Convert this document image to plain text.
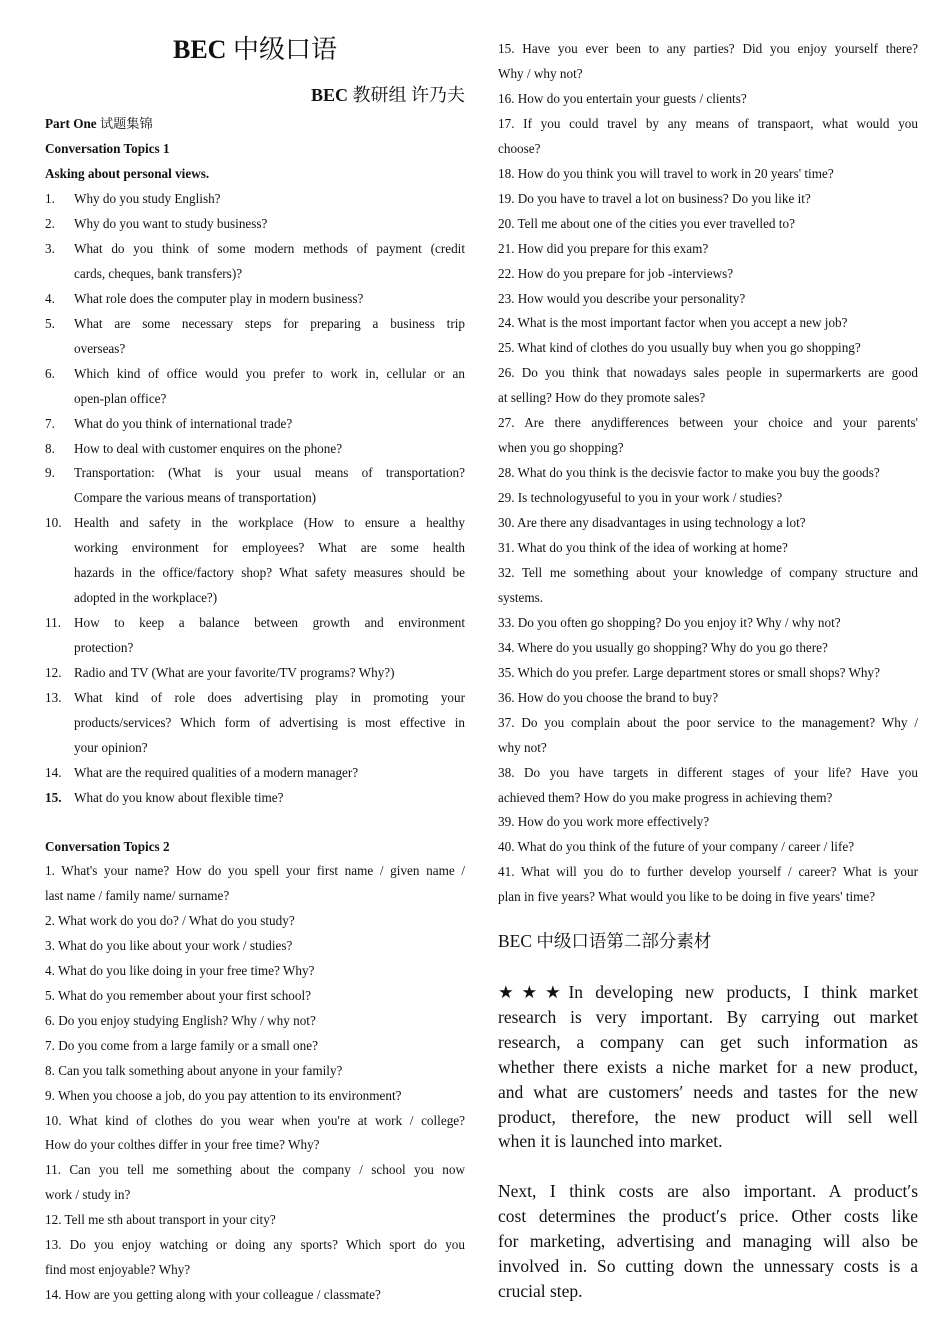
BEC 中级口语
BEC 教研组 许乃夫
Part One 试题集锦
Conversation Topics 1
Asking about personal views.
1. Why do you study English?
2. Why do you want to study business?
3. What do you think of some modern methods of payment (credit
cards, cheques, bank transfers)?
4. What role does the computer play in modern business?
5. What are some necessary steps for preparing a business trip
overseas?
6. Which kind of office would you prefer to work in, cellular or an
open-plan office?
7. What do you think of international trade?
8. How to deal with customer enquires on the phone?
9. Transportation: (What is your usual means of transportation?
Compare the various means of transportation)
10. Health and safety in the workplace (How to ensure a healthy
working environment for employees? What are some health
hazards in the office/factory shop? What safety measures should be
adopted in the workplace?)
11. How to keep a balance between growth and environment
protection?
12. Radio and TV (What are your favorite/TV programs? Why?)
13. What kind of role does advertising play in promoting your
products/services? Which form of advertising is most effective in
your opinion?
14. What are the required qualities of a modern manager?
15. What do you know about flexible time?
Conversation Topics 2
1. What's your name? How do you spell your first name / given name /
last name / family name/ surname?
2. What work do you do? / What do you study?
3. What do you like about your work / studies?
4. What do you like doing in your free time? Why?
5. What do you remember about your first school?
6. Do you enjoy studying English? Why / why not?
7. Do you come from a large family or a small one?
8. Can you talk something about anyone in your family?
9. When you choose a job, do you pay attention to its environment?
10. What kind of clothes do you wear when you're at work / college?
How do your colthes differ in your free time? Why?
11. Can you tell me something about the company / school you now
work / study in?
12. Tell me sth about transport in your city?
13. Do you enjoy watching or doing any sports? Which sport do you
find most enjoyable? Why?
14. How are you getting along with your colleague / classmate?
15. Have you ever been to any parties? Did you enjoy yourself there?
Why / why not?
16. How do you entertain your guests / clients?
17. If you could travel by any means of transpaort, what would you
choose?
18. How do you think you will travel to work in 20 years' time?
19. Do you have to travel a lot on business? Do you like it?
20. Tell me about one of the cities you ever travelled to?
21. How did you prepare for this exam?
22. How do you prepare for job -interviews?
23. How would you describe your personality?
24. What is the most important factor when you accept a new job?
25. What kind of clothes do you usually buy when you go shopping?
26. Do you think that nowadays sales people in supermarkerts are good
at selling? How do they promote sales?
27. Are there anydifferences between your choice and your parents'
when you go shopping?
28. What do you think is the decisvie factor to make you buy the goods?
29. Is technologyuseful to you in your work / studies?
30. Are there any disadvantages in using technology a lot?
31. What do you think of the idea of working at home?
32. Tell me something about your knowledge of company structure and
systems.
33. Do you often go shopping? Do you enjoy it? Why / why not?
34. Where do you usually go shopping? Why do you go there?
35. Which do you prefer. Large department stores or small shops? Why?
36. How do you choose the brand to buy?
37. Do you complain about the poor service to the management? Why /
why not?
38. Do you have targets in different stages of your life? Have you
achieved them? How do you make progress in achieving them?
39. How do you work more effectively?
40. What do you think of the future of your company / career / life?
41. What will you do to further develop yourself / career? What is your
plan in five years? What would you like to be doing in five years' time?
BEC 中级口语第二部分素材
★★★In developing new products, I think market
research is very important. By carrying out market
research, a company can get such information as
whether there exists a niche market for a new product,
and what are customers′ needs and tastes for the new
product, therefore, the new product will sell well
when it is launched into market.
Next, I think costs are also important. A product′s
cost determines the product′s price. Other costs like
for marketing, advertising and managing will also be
involved in. So cutting down the unnessary costs is a
crucial step.
